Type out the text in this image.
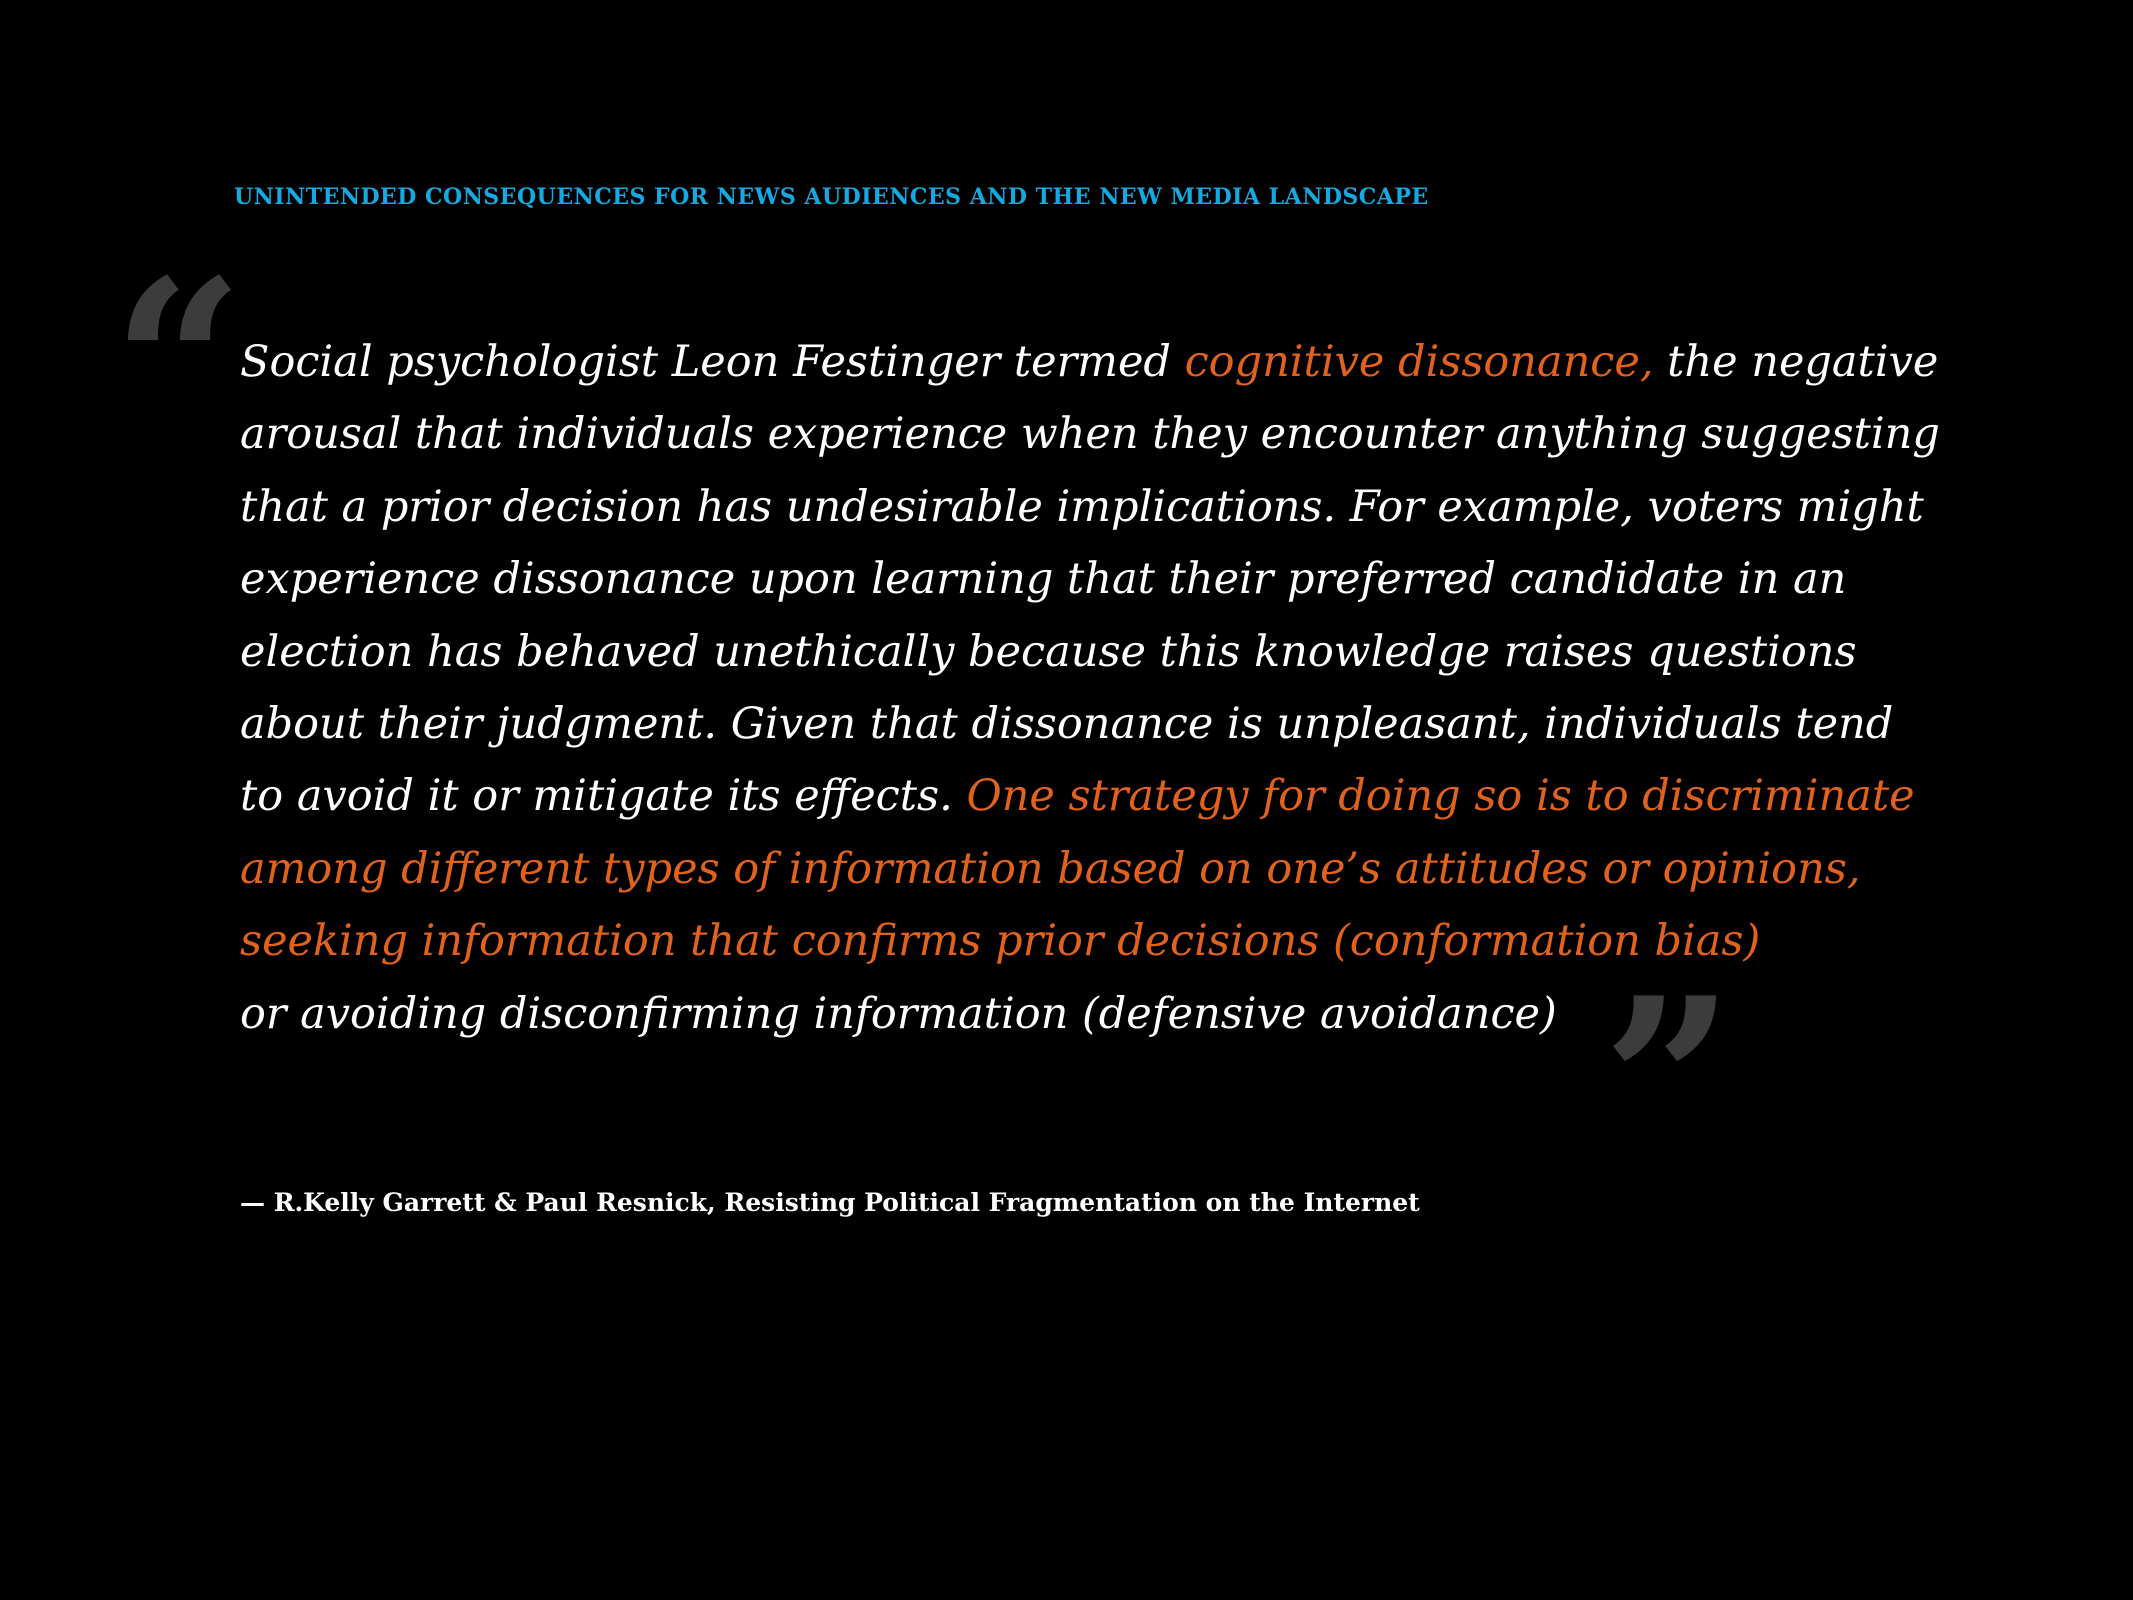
UNINTENDED CONSEQUENCES FOR NEWS AUDIENCES AND THE NEW MEDIA LANDSCAPE
“

Social psychologist Leon Festinger termed cognitive dissonance, the negative
arousal that individuals experience when they encounter anything suggesting
that a prior decision has undesirable implications. For example, voters might
experience dissonance upon learning that their preferred candidate in an
election has behaved unethically because this knowledge raises questions
about their judgment. Given that dissonance is unpleasant, individuals tend
to avoid it or mitigate its effects. One strategy for doing so is to discriminate
among different types of information based on one’s attitudes or opinions,
seeking information that confirms prior decisions (conformation bias)
or avoiding disconfirming information (defensive avoidance) ”
— R.Kelly Garrett & Paul Resnick, Resisting Political Fragmentation on the Internet
